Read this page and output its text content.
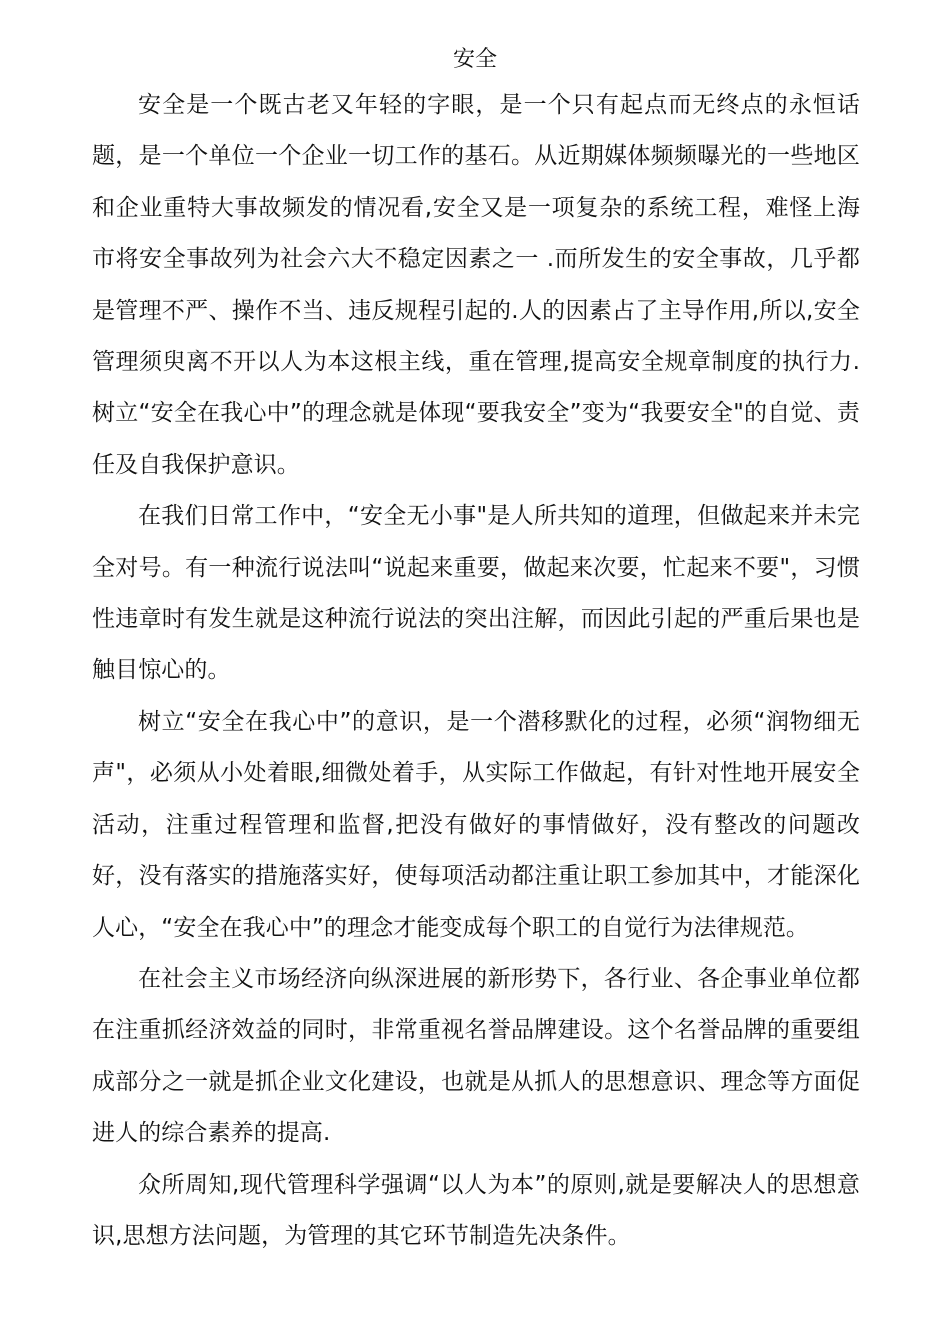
安全

安全是一个既古老又年轻的字眼，是一个只有起点而无终点的永恒话题，是一个单位一个企业一切工作的基石。从近期媒体频频曝光的一些地区和企业重特大事故频发的情况看,安全又是一项复杂的系统工程，难怪上海市将安全事故列为社会六大不稳定因素之一 .而所发生的安全事故，几乎都是管理不严、操作不当、违反规程引起的.人的因素占了主导作用,所以,安全管理须臾离不开以人为本这根主线，重在管理,提高安全规章制度的执行力.树立“安全在我心中”的理念就是体现“要我安全”变为“我要安全"的自觉、责任及自我保护意识。

在我们日常工作中，“安全无小事"是人所共知的道理，但做起来并未完全对号。有一种流行说法叫“说起来重要，做起来次要，忙起来不要"，习惯性违章时有发生就是这种流行说法的突出注解，而因此引起的严重后果也是触目惊心的。

树立“安全在我心中”的意识，是一个潜移默化的过程，必须“润物细无声"，必须从小处着眼,细微处着手，从实际工作做起，有针对性地开展安全活动，注重过程管理和监督,把没有做好的事情做好，没有整改的问题改好，没有落实的措施落实好，使每项活动都注重让职工参加其中，才能深化人心，“安全在我心中”的理念才能变成每个职工的自觉行为法律规范。

在社会主义市场经济向纵深进展的新形势下，各行业、各企事业单位都在注重抓经济效益的同时，非常重视名誉品牌建设。这个名誉品牌的重要组成部分之一就是抓企业文化建设，也就是从抓人的思想意识、理念等方面促进人的综合素养的提高.

众所周知,现代管理科学强调“以人为本”的原则,就是要解决人的思想意识,思想方法问题，为管理的其它环节制造先决条件。
